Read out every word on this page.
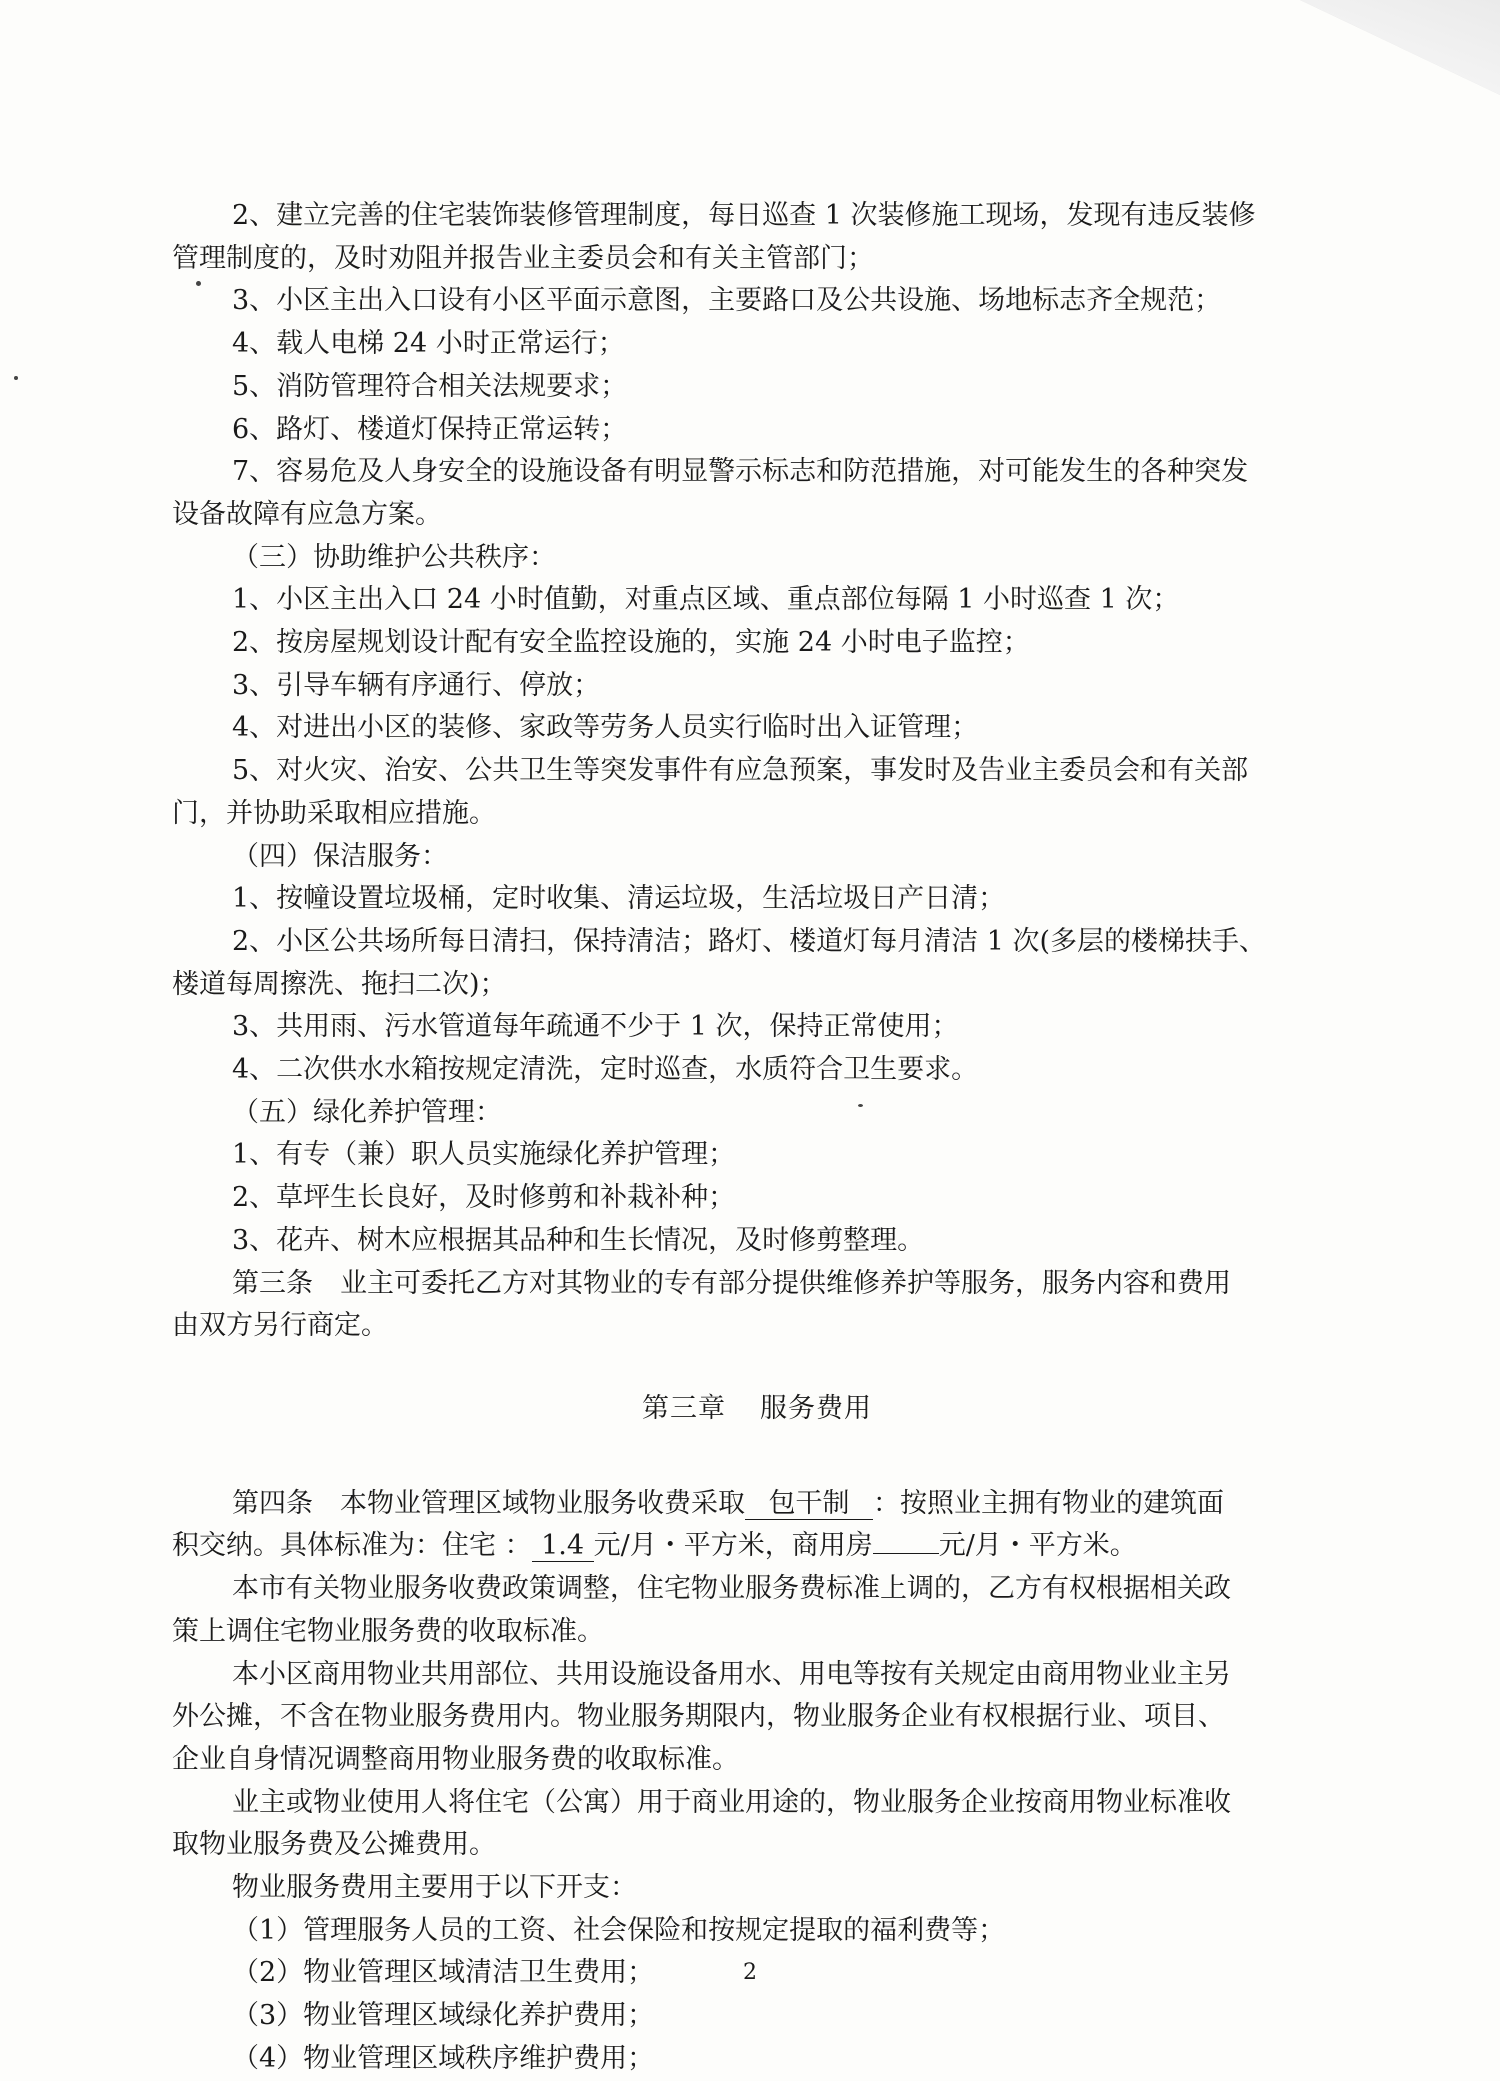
2、建立完善的住宅装饰装修管理制度，每日巡查 1 次装修施工现场，发现有违反装修

管理制度的，及时劝阻并报告业主委员会和有关主管部门；

3、小区主出入口设有小区平面示意图，主要路口及公共设施、场地标志齐全规范；

4、载人电梯 24 小时正常运行；

5、消防管理符合相关法规要求；

6、路灯、楼道灯保持正常运转；

7、容易危及人身安全的设施设备有明显警示标志和防范措施，对可能发生的各种突发

设备故障有应急方案。

（三）协助维护公共秩序：

1、小区主出入口 24 小时值勤，对重点区域、重点部位每隔 1 小时巡查 1 次；

2、按房屋规划设计配有安全监控设施的，实施 24 小时电子监控；

3、引导车辆有序通行、停放；

4、对进出小区的装修、家政等劳务人员实行临时出入证管理；

5、对火灾、治安、公共卫生等突发事件有应急预案，事发时及告业主委员会和有关部

门，并协助采取相应措施。

（四）保洁服务：

1、按幢设置垃圾桶，定时收集、清运垃圾，生活垃圾日产日清；

2、小区公共场所每日清扫，保持清洁；路灯、楼道灯每月清洁 1 次(多层的楼梯扶手、

楼道每周擦洗、拖扫二次)；

3、共用雨、污水管道每年疏通不少于 1 次，保持正常使用；

4、二次供水水箱按规定清洗，定时巡查，水质符合卫生要求。

（五）绿化养护管理：

1、有专（兼）职人员实施绿化养护管理；

2、草坪生长良好，及时修剪和补栽补种；

3、花卉、树木应根据其品种和生长情况，及时修剪整理。

第三条　业主可委托乙方对其物业的专有部分提供维修养护等服务，服务内容和费用

由双方另行商定。

第三章 服务费用

第四条　本物业管理区域物业服务收费采取 包干制 ：按照业主拥有物业的建筑面

积交纳。具体标准为：住宅 ： 1.4 元/月・平方米，商用房 元/月・平方米。

本市有关物业服务收费政策调整，住宅物业服务费标准上调的，乙方有权根据相关政

策上调住宅物业服务费的收取标准。

本小区商用物业共用部位、共用设施设备用水、用电等按有关规定由商用物业业主另

外公摊，不含在物业服务费用内。物业服务期限内，物业服务企业有权根据行业、项目、

企业自身情况调整商用物业服务费的收取标准。

业主或物业使用人将住宅（公寓）用于商业用途的，物业服务企业按商用物业标准收

取物业服务费及公摊费用。

物业服务费用主要用于以下开支：

（1）管理服务人员的工资、社会保险和按规定提取的福利费等；

（2）物业管理区域清洁卫生费用；

（3）物业管理区域绿化养护费用；

（4）物业管理区域秩序维护费用；

2
